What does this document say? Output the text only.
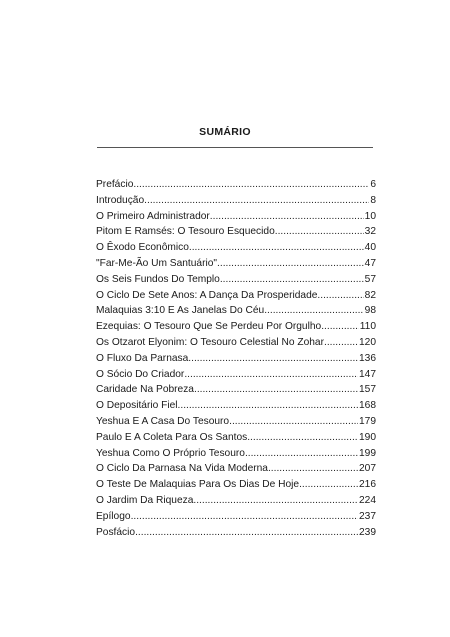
SUMÁRIO
Prefácio .....	6
Introdução .....	8
O Primeiro Administrador .....	10
Pitom E Ramsés: O Tesouro Esquecido .....	32
O Êxodo Econômico .....	40
"Far-Me-Ão Um Santuário" .....	47
Os Seis Fundos Do Templo .....	57
O Ciclo De Sete Anos: A Dança Da Prosperidade .....	82
Malaquias 3:10 E As Janelas Do Céu .....	98
Ezequias: O Tesouro Que Se Perdeu Por Orgulho .....	110
Os Otzarot Elyonim: O Tesouro Celestial No Zohar .....	120
O Fluxo Da Parnasa .....	136
O Sócio Do Criador .....	147
Caridade Na Pobreza .....	157
O Depositário Fiel .....	168
Yeshua E A Casa Do Tesouro .....	179
Paulo E A Coleta Para Os Santos .....	190
Yeshua Como O Próprio Tesouro .....	199
O Ciclo Da Parnasa Na Vida Moderna .....	207
O Teste De Malaquias Para Os Dias De Hoje .....	216
O Jardim Da Riqueza .....	224
Epílogo .....	237
Posfácio .....	239
